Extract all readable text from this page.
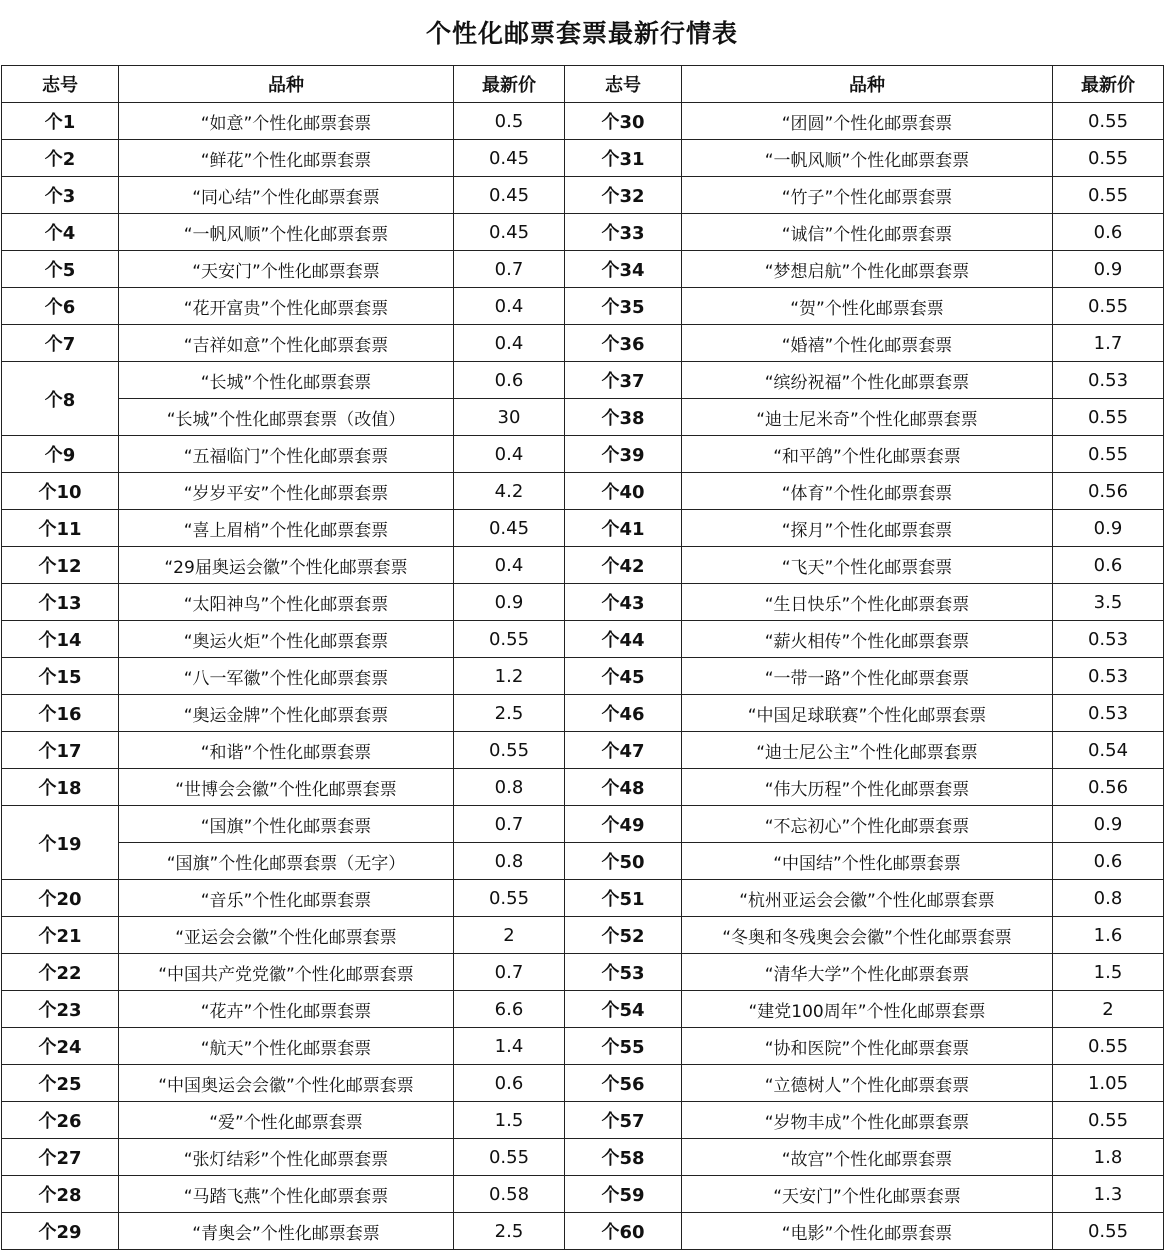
个性化邮票套票最新行情表
志号	品种	最新价	志号	品种	最新价
个1	“如意”个性化邮票套票	0.5	个30	“团圆”个性化邮票套票	0.55
个2	“鲜花”个性化邮票套票	0.45	个31	“一帆风顺”个性化邮票套票	0.55
个3	“同心结”个性化邮票套票	0.45	个32	“竹子”个性化邮票套票	0.55
个4	“一帆风顺”个性化邮票套票	0.45	个33	“诚信”个性化邮票套票	0.6
个5	“天安门”个性化邮票套票	0.7	个34	“梦想启航”个性化邮票套票	0.9
个6	“花开富贵”个性化邮票套票	0.4	个35	“贺”个性化邮票套票	0.55
个7	“吉祥如意”个性化邮票套票	0.4	个36	“婚禧”个性化邮票套票	1.7
个8	“长城”个性化邮票套票	0.6	个37	“缤纷祝福”个性化邮票套票	0.53
	“长城”个性化邮票套票（改值）	30	个38	“迪士尼米奇”个性化邮票套票	0.55
个9	“五福临门”个性化邮票套票	0.4	个39	“和平鸽”个性化邮票套票	0.55
个10	“岁岁平安”个性化邮票套票	4.2	个40	“体育”个性化邮票套票	0.56
个11	“喜上眉梢”个性化邮票套票	0.45	个41	“探月”个性化邮票套票	0.9
个12	“29届奥运会徽”个性化邮票套票	0.4	个42	“飞天”个性化邮票套票	0.6
个13	“太阳神鸟”个性化邮票套票	0.9	个43	“生日快乐”个性化邮票套票	3.5
个14	“奥运火炬”个性化邮票套票	0.55	个44	“薪火相传”个性化邮票套票	0.53
个15	“八一军徽”个性化邮票套票	1.2	个45	“一带一路”个性化邮票套票	0.53
个16	“奥运金牌”个性化邮票套票	2.5	个46	“中国足球联赛”个性化邮票套票	0.53
个17	“和谐”个性化邮票套票	0.55	个47	“迪士尼公主”个性化邮票套票	0.54
个18	“世博会会徽”个性化邮票套票	0.8	个48	“伟大历程”个性化邮票套票	0.56
个19	“国旗”个性化邮票套票	0.7	个49	“不忘初心”个性化邮票套票	0.9
	“国旗”个性化邮票套票（无字）	0.8	个50	“中国结”个性化邮票套票	0.6
个20	“音乐”个性化邮票套票	0.55	个51	“杭州亚运会会徽”个性化邮票套票	0.8
个21	“亚运会会徽”个性化邮票套票	2	个52	“冬奥和冬残奥会会徽”个性化邮票套票	1.6
个22	“中国共产党党徽”个性化邮票套票	0.7	个53	“清华大学”个性化邮票套票	1.5
个23	“花卉”个性化邮票套票	6.6	个54	“建党100周年”个性化邮票套票	2
个24	“航天”个性化邮票套票	1.4	个55	“协和医院”个性化邮票套票	0.55
个25	“中国奥运会会徽”个性化邮票套票	0.6	个56	“立德树人”个性化邮票套票	1.05
个26	“爱”个性化邮票套票	1.5	个57	“岁物丰成”个性化邮票套票	0.55
个27	“张灯结彩”个性化邮票套票	0.55	个58	“故宫”个性化邮票套票	1.8
个28	“马踏飞燕”个性化邮票套票	0.58	个59	“天安门”个性化邮票套票	1.3
个29	“青奥会”个性化邮票套票	2.5	个60	“电影”个性化邮票套票	0.55
